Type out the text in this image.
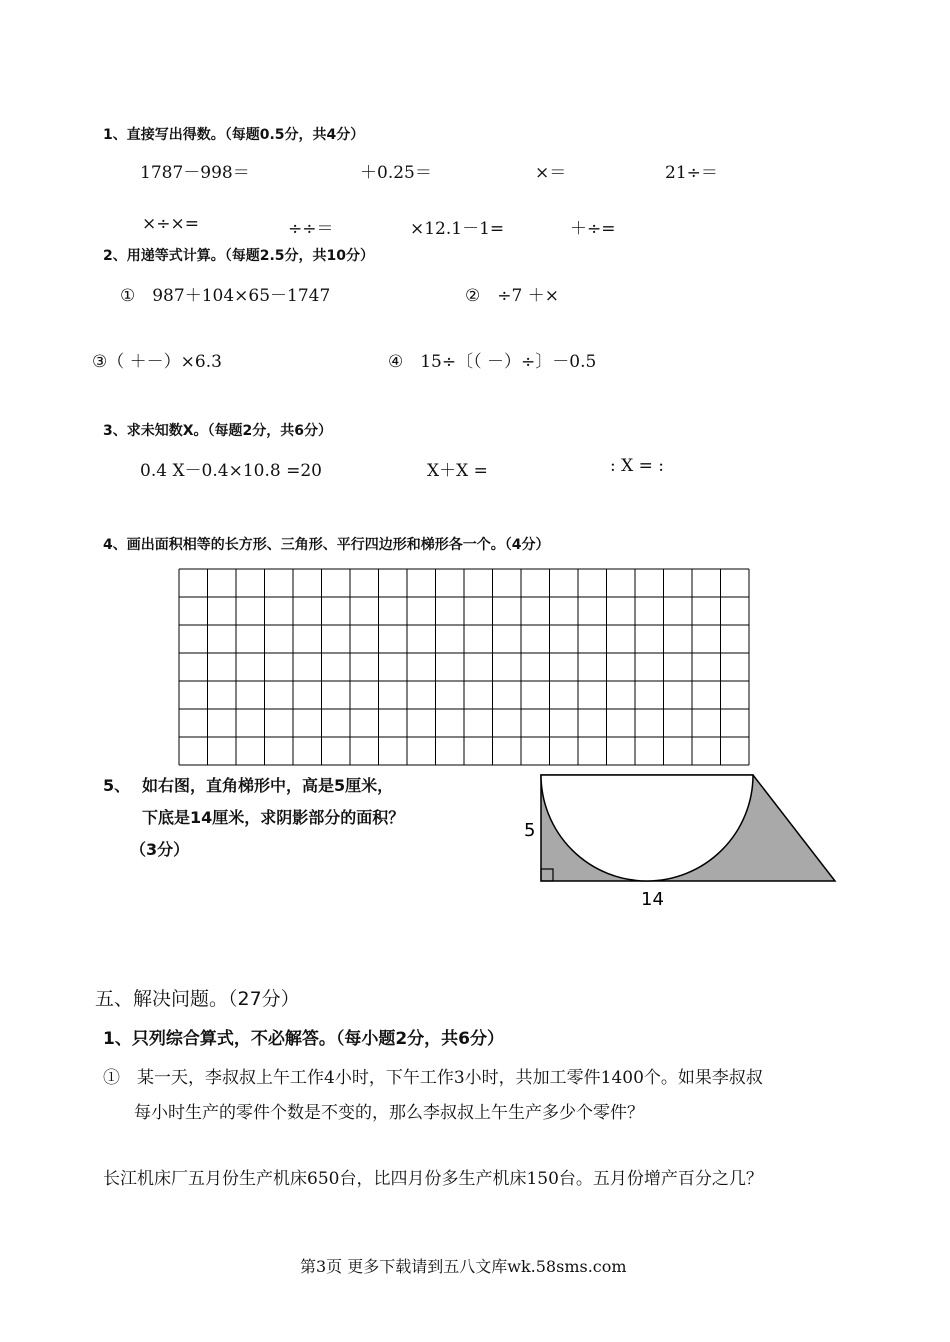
1、直接写出得数。（每题0.5分，共4分）
1787－998＝	＋0.25＝	×＝	21÷＝
×÷×=	÷÷＝	×12.1－1=	＋÷=
2、用递等式计算。（每题2.5分，共10分）
①　987＋104×65－1747	②　÷7 ＋×
③（ ＋－）×6.3	④　15÷〔（ －）÷〕－0.5
3、求未知数X。（每题2分，共6分）
0.4 X－0.4×10.8 =20	X＋X =	: X = :
4、画出面积相等的长方形、三角形、平行四边形和梯形各一个。（4分）
5、 如右图，直角梯形中，高是5厘米，
下底是14厘米，求阴影部分的面积？
（3分）
5
14
五、解决问题。（27分）
1、只列综合算式，不必解答。（每小题2分，共6分）
①　某一天，李叔叔上午工作4小时，下午工作3小时，共加工零件1400个。如果李叔叔
每小时生产的零件个数是不变的，那么李叔叔上午生产多少个零件？
长江机床厂五月份生产机床650台，比四月份多生产机床150台。五月份增产百分之几？
第3页 更多下载请到五八文库wk.58sms.com
